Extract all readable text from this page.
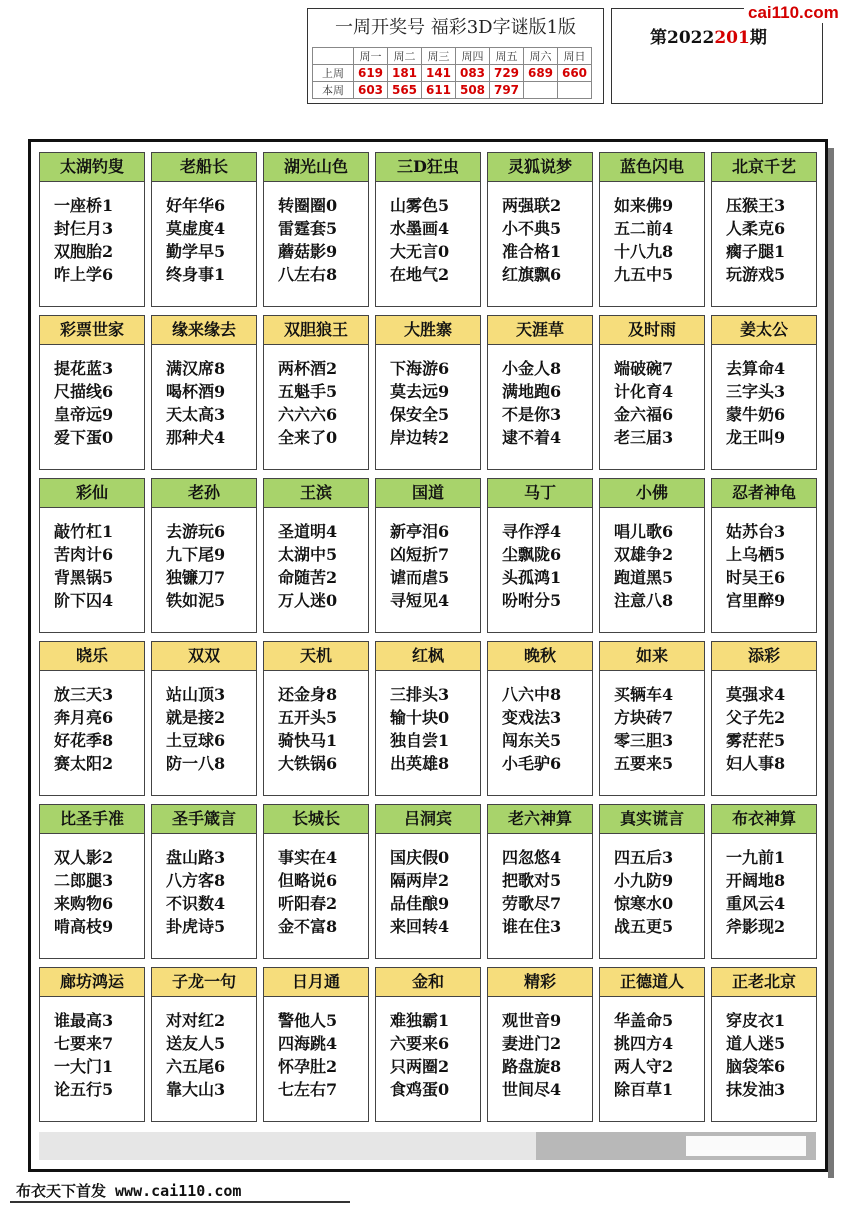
一周开奖号 福彩3D字谜版1版
	周一	周二	周三	周四	周五	周六	周日
上周	619	181	141	083	729	689	660
本周	603	565	611	508	797		
第2022201期
cai110.com
太湖钓叟
一座桥1
封仨月3
双胞胎2
咋上学6
老船长
好年华6
莫虚度4
勤学早5
终身事1
湖光山色
转圈圈0
雷霆套5
蘑菇影9
八左右8
三D狂虫
山雾色5
水墨画4
大无言0
在地气2
灵狐说梦
两强联2
小不典5
准合格1
红旗飘6
蓝色闪电
如来佛9
五二前4
十八九8
九五中5
北京千艺
压猴王3
人柔克6
瘸子腿1
玩游戏5
彩票世家
提花蓝3
尺描线6
皇帝远9
爱下蛋0
缘来缘去
满汉席8
喝杯酒9
天太高3
那种犬4
双胆狼王
两杯酒2
五魁手5
六六六6
全来了0
大胜寨
下海游6
莫去远9
保安全5
岸边转2
天涯草
小金人8
满地跑6
不是你3
逮不着4
及时雨
端破碗7
计化育4
金六福6
老三届3
姜太公
去算命4
三字头3
蒙牛奶6
龙王叫9
彩仙
敲竹杠1
苦肉计6
背黑锅5
阶下囚4
老孙
去游玩6
九下尾9
独镰刀7
铁如泥5
王滨
圣道明4
太湖中5
命随苦2
万人迷0
国道
新亭泪6
凶短折7
谑而虐5
寻短见4
马丁
寻作浮4
尘飘陇6
头孤鸿1
吩咐分5
小佛
唱儿歌6
双雄争2
跑道黑5
注意八8
忍者神龟
姑苏台3
上乌栖5
时吴王6
宫里醉9
晓乐
放三天3
奔月亮6
好花季8
赛太阳2
双双
站山顶3
就是接2
土豆球6
防一八8
天机
还金身8
五开头5
骑快马1
大铁锅6
红枫
三排头3
输十块0
独自尝1
出英雄8
晚秋
八六中8
变戏法3
闯东关5
小毛驴6
如来
买辆车4
方块砖7
零三胆3
五要来5
添彩
莫强求4
父子先2
雾茫茫5
妇人事8
比圣手准
双人影2
二郎腿3
来购物6
啃高枝9
圣手箴言
盘山路3
八方客8
不识数4
卦虎诗5
长城长
事实在4
但略说6
听阳春2
金不富8
吕洞宾
国庆假0
隔两岸2
品佳酿9
来回转4
老六神算
四忽悠4
把歌对5
劳歌尽7
谁在住3
真实谎言
四五后3
小九防9
惊寒水0
战五更5
布衣神算
一九前1
开阔地8
重风云4
斧影现2
廊坊鸿运
谁最高3
七要来7
一大门1
论五行5
子龙一句
对对红2
送友人5
六五尾6
靠大山3
日月通
警他人5
四海跳4
怀孕肚2
七左右7
金和
难独霸1
六要来6
只两圈2
食鸡蛋0
精彩
观世音9
妻进门2
路盘旋8
世间尽4
正德道人
华盖命5
挑四方4
两人守2
除百草1
正老北京
穿皮衣1
道人迷5
脑袋笨6
抹发油3
布衣天下首发 www.cai110.com
